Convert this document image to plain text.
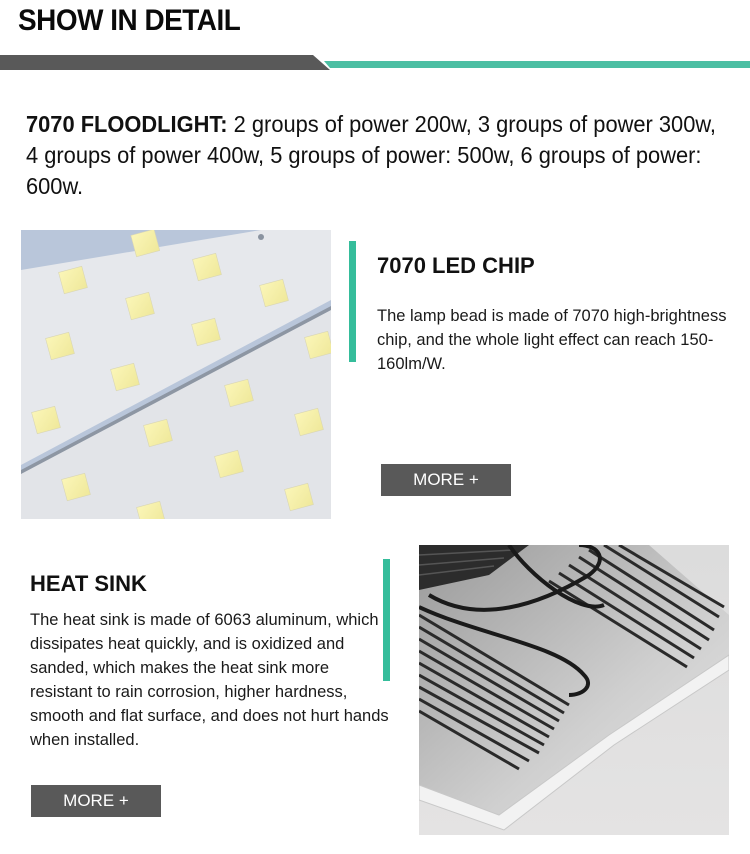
SHOW IN DETAIL

7070 FLOODLIGHT: 2 groups of power 200w, 3 groups of power 300w, 4 groups of power 400w, 5 groups of power: 500w, 6 groups of power: 600w.

7070 LED CHIP

The lamp bead is made of 7070 high-brightness chip, and the whole light effect can reach 150-160lm/W.

MORE +
HEAT SINK

The heat sink is made of 6063 aluminum, which dissipates heat quickly, and is oxidized and sanded, which makes the heat sink more resistant to rain corrosion, higher hardness, smooth and flat surface, and does not hurt hands when installed.

MORE +
